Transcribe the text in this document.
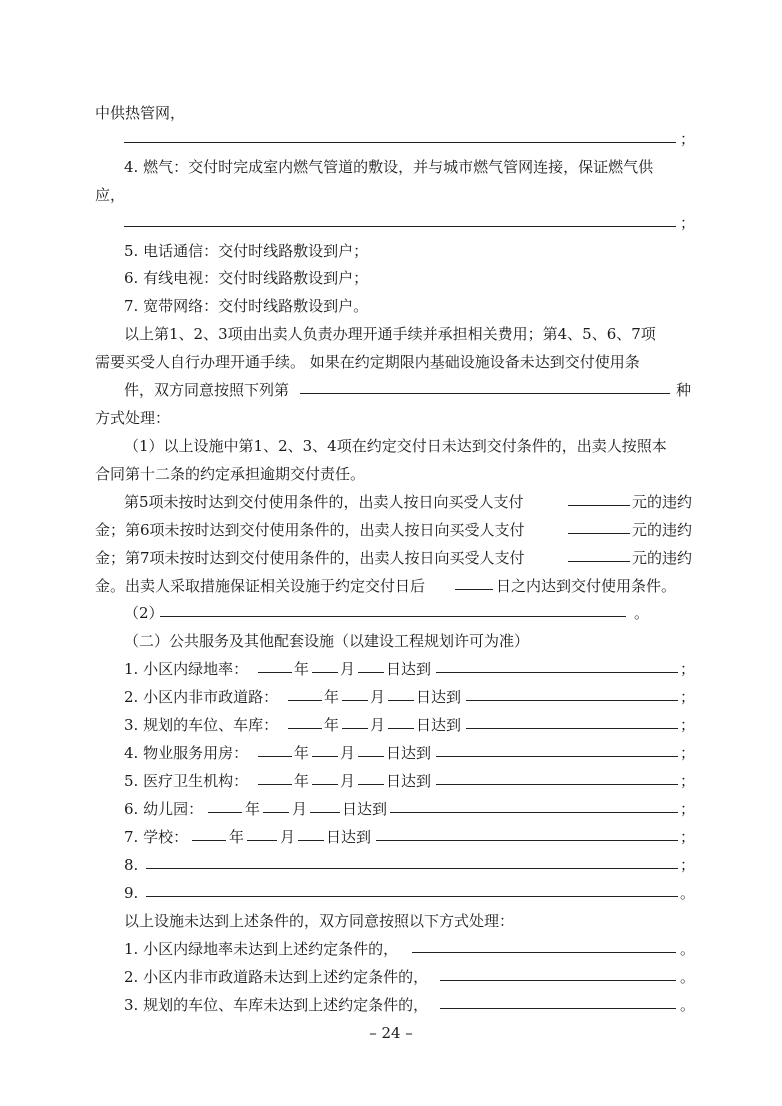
中供热管网，
；
4. 燃气：交付时完成室内燃气管道的敷设，并与城市燃气管网连接，保证燃气供
应，
；
5. 电话通信：交付时线路敷设到户；
6. 有线电视：交付时线路敷设到户；
7. 宽带网络：交付时线路敷设到户。
以上第1、2、3项由出卖人负责办理开通手续并承担相关费用；第4、5、6、7项
需要买受人自行办理开通手续。 如果在约定期限内基础设施设备未达到交付使用条
件，双方同意按照下列第	种
方式处理：
（1）以上设施中第1、2、3、4项在约定交付日未达到交付条件的，出卖人按照本
合同第十二条的约定承担逾期交付责任。
第5项未按时达到交付使用条件的，出卖人按日向买受人支付	元的违约
金；第6项未按时达到交付使用条件的，出卖人按日向买受人支付	元的违约
金；第7项未按时达到交付使用条件的，出卖人按日向买受人支付	元的违约
金。出卖人采取措施保证相关设施于约定交付日后	日之内达到交付使用条件。
（2）	。
（二）公共服务及其他配套设施（以建设工程规划许可为准）
1. 小区内绿地率：	年 月 日达到	；
2. 小区内非市政道路：	年 月 日达到	；
3. 规划的车位、车库：	年 月 日达到	；
4. 物业服务用房：	年 月 日达到	；
5. 医疗卫生机构：	年 月 日达到	；
6. 幼儿园：	年 月 日达到	；
7. 学校：	年 月 日达到	；
8.	；
9.	。
以上设施未达到上述条件的，双方同意按照以下方式处理：
1. 小区内绿地率未达到上述约定条件的，	。
2. 小区内非市政道路未达到上述约定条件的，	。
3. 规划的车位、车库未达到上述约定条件的，	。
– 24 –
